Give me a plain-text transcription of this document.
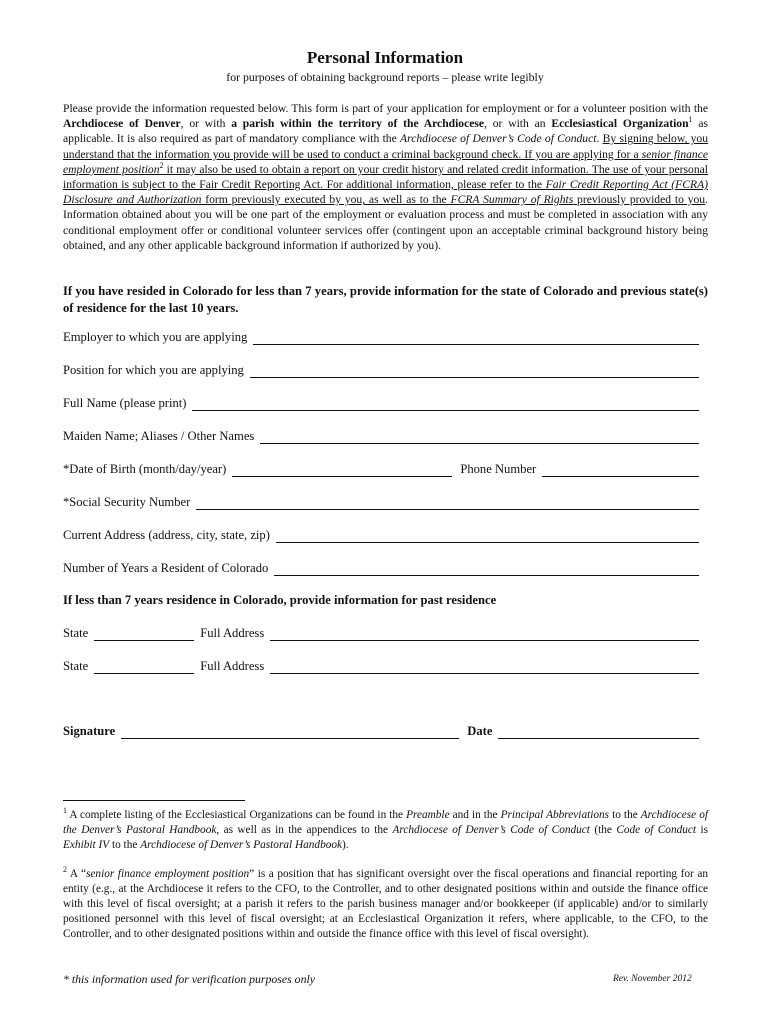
Personal Information
for purposes of obtaining background reports – please write legibly

Please provide the information requested below. This form is part of your application for employment or for a volunteer position with the Archdiocese of Denver, or with a parish within the territory of the Archdiocese, or with an Ecclesiastical Organization$^1$ as applicable. It is also required as part of mandatory compliance with the Archdiocese of Denver’s Code of Conduct. By signing below, you understand that the information you provide will be used to conduct a criminal background check. If you are applying for a senior finance employment position$^2$ it may also be used to obtain a report on your credit history and related credit information. The use of your personal information is subject to the Fair Credit Reporting Act. For additional information, please refer to the Fair Credit Reporting Act (FCRA) Disclosure and Authorization form previously executed by you, as well as to the FCRA Summary of Rights previously provided to you. Information obtained about you will be one part of the employment or evaluation process and must be completed in association with any conditional employment offer or conditional volunteer services offer (contingent upon an acceptable criminal background history being obtained, and any other applicable background information if authorized by you).

If you have resided in Colorado for less than 7 years, provide information for the state of Colorado and previous state(s) of residence for the last 10 years.

Employer to which you are applying
Position for which you are applying
Full Name (please print)
Maiden Name; Aliases / Other Names
*Date of Birth (month/day/year)	Phone Number
*Social Security Number
Current Address (address, city, state, zip)
Number of Years a Resident of Colorado
If less than 7 years residence in Colorado, provide information for past residence
State	Full Address
State	Full Address
Signature	Date

$^1$ A complete listing of the Ecclesiastical Organizations can be found in the Preamble and in the Principal Abbreviations to the Archdiocese of the Denver’s Pastoral Handbook, as well as in the appendices to the Archdiocese of Denver’s Code of Conduct (the Code of Conduct is Exhibit IV to the Archdiocese of Denver’s Pastoral Handbook).

$^2$ A “senior finance employment position” is a position that has significant oversight over the fiscal operations and financial reporting for an entity (e.g., at the Archdiocese it refers to the CFO, to the Controller, and to other designated positions within and outside the finance office with this level of fiscal oversight; at a parish it refers to the parish business manager and/or bookkeeper (if applicable) and/or to similarly positioned personnel with this level of fiscal oversight; at an Ecclesiastical Organization it refers, where applicable, to the CFO, to the Controller, and to other designated positions within and outside the finance office with this level of fiscal oversight).

* this information used for verification purposes only	Rev. November 2012
